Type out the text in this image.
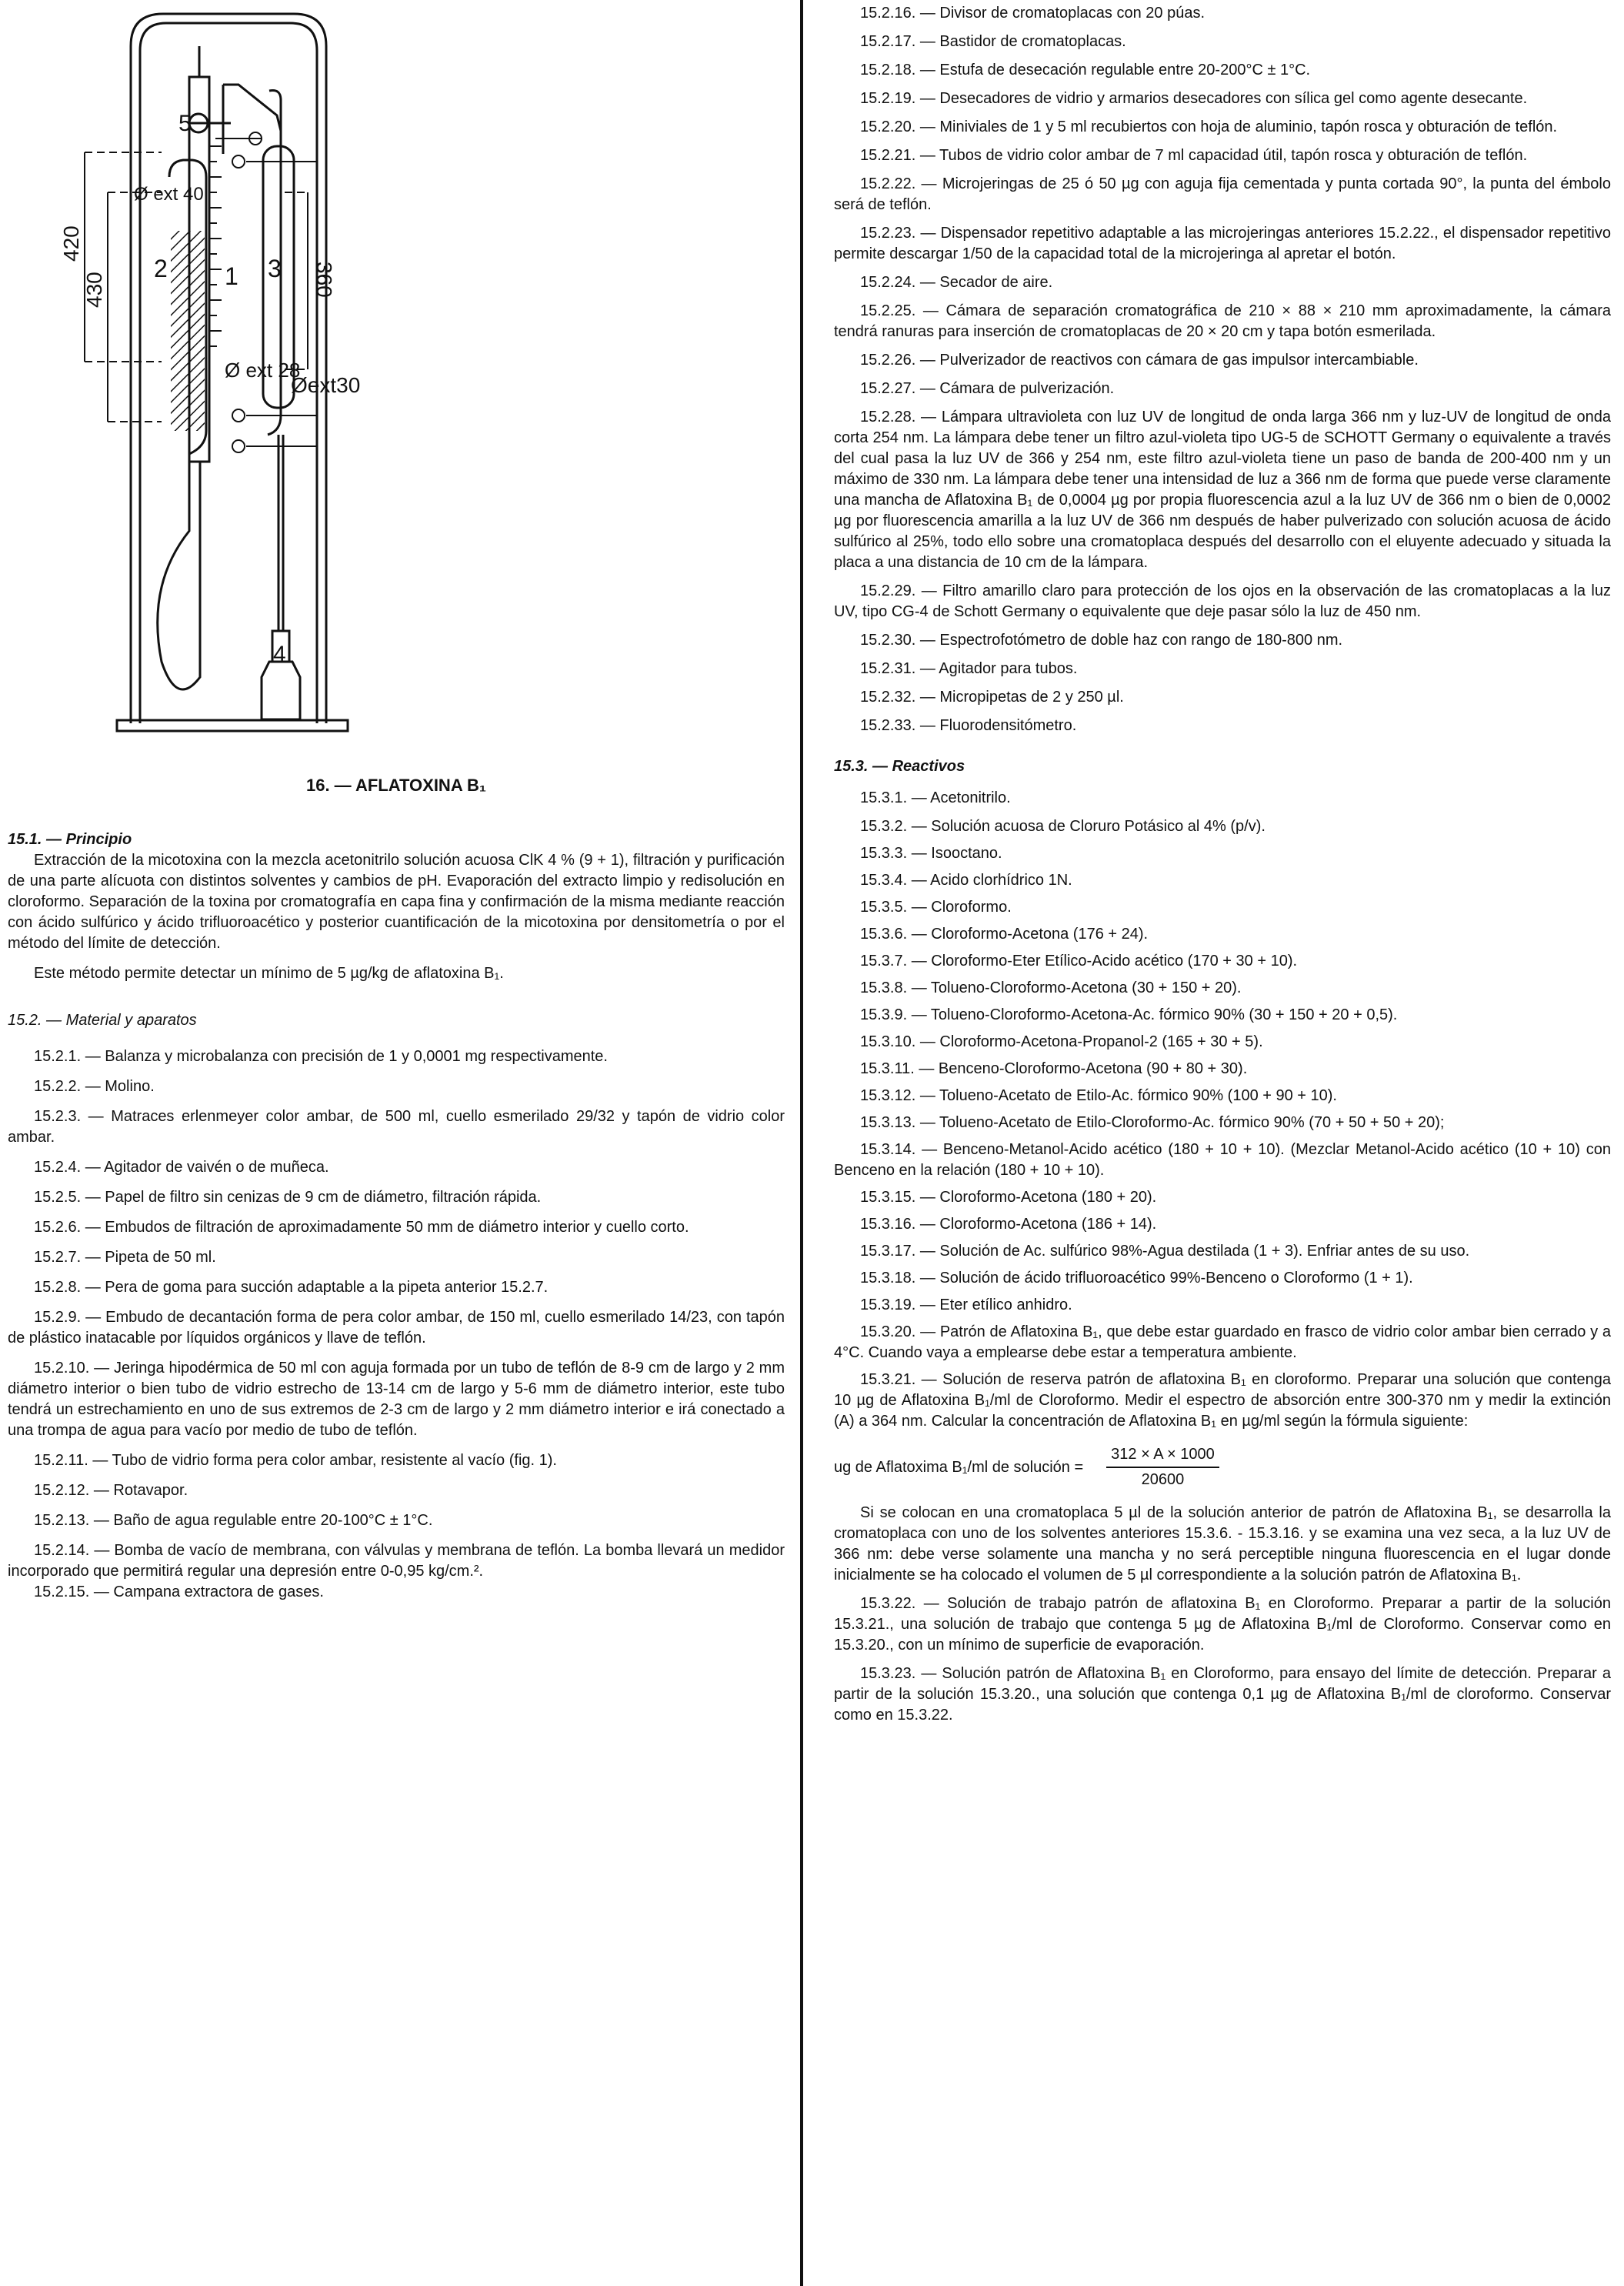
5
2 1 3
4
Ø ext 40
Ø ext 28
Øext30
420
430	360

16. — AFLATOXINA B₁

15.1. — Principio

Extracción de la micotoxina con la mezcla acetonitrilo solución acuosa ClK 4 % (9 + 1), filtración y purificación de una parte alícuota con distintos solventes y cambios de pH. Evaporación del extracto limpio y redisolución en cloroformo. Separación de la toxina por cromatografía en capa fina y confirmación de la misma mediante reacción con ácido sulfúrico y ácido trifluoroacético y posterior cuantificación de la micotoxina por densitometría o por el método del límite de detección.

Este método permite detectar un mínimo de 5 µg/kg de aflatoxina B₁.

15.2. — Material y aparatos

15.2.1. — Balanza y microbalanza con precisión de 1 y 0,0001 mg respectivamente.

15.2.2. — Molino.

15.2.3. — Matraces erlenmeyer color ambar, de 500 ml, cuello esmerilado 29/32 y tapón de vidrio color ambar.

15.2.4. — Agitador de vaivén o de muñeca.

15.2.5. — Papel de filtro sin cenizas de 9 cm de diámetro, filtración rápida.

15.2.6. — Embudos de filtración de aproximadamente 50 mm de diámetro interior y cuello corto.

15.2.7. — Pipeta de 50 ml.

15.2.8. — Pera de goma para succión adaptable a la pipeta anterior 15.2.7.

15.2.9. — Embudo de decantación forma de pera color ambar, de 150 ml, cuello esmerilado 14/23, con tapón de plástico inatacable por líquidos orgánicos y llave de teflón.

15.2.10. — Jeringa hipodérmica de 50 ml con aguja formada por un tubo de teflón de 8-9 cm de largo y 2 mm diámetro interior o bien tubo de vidrio estrecho de 13-14 cm de largo y 5-6 mm de diámetro interior, este tubo tendrá un estrechamiento en uno de sus extremos de 2-3 cm de largo y 2 mm diámetro interior e irá conectado a una trompa de agua para vacío por medio de tubo de teflón.

15.2.11. — Tubo de vidrio forma pera color ambar, resistente al vacío (fig. 1).

15.2.12. — Rotavapor.

15.2.13. — Baño de agua regulable entre 20-100°C ± 1°C.

15.2.14. — Bomba de vacío de membrana, con válvulas y membrana de teflón. La bomba llevará un medidor incorporado que permitirá regular una depresión entre 0-0,95 kg/cm.².

15.2.15. — Campana extractora de gases.

15.2.16. — Divisor de cromatoplacas con 20 púas.

15.2.17. — Bastidor de cromatoplacas.

15.2.18. — Estufa de desecación regulable entre 20-200°C ± 1°C.

15.2.19. — Desecadores de vidrio y armarios desecadores con sílica gel como agente desecante.

15.2.20. — Miniviales de 1 y 5 ml recubiertos con hoja de aluminio, tapón rosca y obturación de teflón.

15.2.21. — Tubos de vidrio color ambar de 7 ml capacidad útil, tapón rosca y obturación de teflón.

15.2.22. — Microjeringas de 25 ó 50 µg con aguja fija cementada y punta cortada 90°, la punta del émbolo será de teflón.

15.2.23. — Dispensador repetitivo adaptable a las microjeringas anteriores 15.2.22., el dispensador repetitivo permite descargar 1/50 de la capacidad total de la microjeringa al apretar el botón.

15.2.24. — Secador de aire.

15.2.25. — Cámara de separación cromatográfica de 210 × 88 × 210 mm aproximadamente, la cámara tendrá ranuras para inserción de cromatoplacas de 20 × 20 cm y tapa botón esmerilada.

15.2.26. — Pulverizador de reactivos con cámara de gas impulsor intercambiable.

15.2.27. — Cámara de pulverización.

15.2.28. — Lámpara ultravioleta con luz UV de longitud de onda larga 366 nm y luz-UV de longitud de onda corta 254 nm. La lámpara debe tener un filtro azul-violeta tipo UG-5 de SCHOTT Germany o equivalente a través del cual pasa la luz UV de 366 y 254 nm, este filtro azul-violeta tiene un paso de banda de 200-400 nm y un máximo de 330 nm. La lámpara debe tener una intensidad de luz a 366 nm de forma que puede verse claramente una mancha de Aflatoxina B₁ de 0,0004 µg por propia fluorescencia azul a la luz UV de 366 nm o bien de 0,0002 µg por fluorescencia amarilla a la luz UV de 366 nm después de haber pulverizado con solución acuosa de ácido sulfúrico al 25%, todo ello sobre una cromatoplaca después del desarrollo con el eluyente adecuado y situada la placa a una distancia de 10 cm de la lámpara.

15.2.29. — Filtro amarillo claro para protección de los ojos en la observación de las cromatoplacas a la luz UV, tipo CG-4 de Schott Germany o equivalente que deje pasar sólo la luz de 450 nm.

15.2.30. — Espectrofotómetro de doble haz con rango de 180-800 nm.

15.2.31. — Agitador para tubos.

15.2.32. — Micropipetas de 2 y 250 µl.

15.2.33. — Fluorodensitómetro.

15.3. — Reactivos

15.3.1. — Acetonitrilo.

15.3.2. — Solución acuosa de Cloruro Potásico al 4% (p/v).

15.3.3. — Isooctano.

15.3.4. — Acido clorhídrico 1N.

15.3.5. — Cloroformo.

15.3.6. — Cloroformo-Acetona (176 + 24).

15.3.7. — Cloroformo-Eter Etílico-Acido acético (170 + 30 + 10).

15.3.8. — Tolueno-Cloroformo-Acetona (30 + 150 + 20).

15.3.9. — Tolueno-Cloroformo-Acetona-Ac. fórmico 90% (30 + 150 + 20 + 0,5).

15.3.10. — Cloroformo-Acetona-Propanol-2 (165 + 30 + 5).

15.3.11. — Benceno-Cloroformo-Acetona (90 + 80 + 30).

15.3.12. — Tolueno-Acetato de Etilo-Ac. fórmico 90% (100 + 90 + 10).

15.3.13. — Tolueno-Acetato de Etilo-Cloroformo-Ac. fórmico 90% (70 + 50 + 50 + 20);

15.3.14. — Benceno-Metanol-Acido acético (180 + 10 + 10). (Mezclar Metanol-Acido acético (10 + 10) con Benceno en la relación (180 + 10 + 10).

15.3.15. — Cloroformo-Acetona (180 + 20).

15.3.16. — Cloroformo-Acetona (186 + 14).

15.3.17. — Solución de Ac. sulfúrico 98%-Agua destilada (1 + 3). Enfriar antes de su uso.

15.3.18. — Solución de ácido trifluoroacético 99%-Benceno o Cloroformo (1 + 1).

15.3.19. — Eter etílico anhidro.

15.3.20. — Patrón de Aflatoxina B₁, que debe estar guardado en frasco de vidrio color ambar bien cerrado y a 4°C. Cuando vaya a emplearse debe estar a temperatura ambiente.

15.3.21. — Solución de reserva patrón de aflatoxina B₁ en cloroformo. Preparar una solución que contenga 10 µg de Aflatoxina B₁/ml de Cloroformo. Medir el espectro de absorción entre 300-370 nm y medir la extinción (A) a 364 nm. Calcular la concentración de Aflatoxina B₁ en µg/ml según la fórmula siguiente:

ug de Aflatoxima B₁/ml de solución = $\frac{312 \times A \times 1000}{20600}$

Si se colocan en una cromatoplaca 5 µl de la solución anterior de patrón de Aflatoxina B₁, se desarrolla la cromatoplaca con uno de los solventes anteriores 15.3.6. - 15.3.16. y se examina una vez seca, a la luz UV de 366 nm: debe verse solamente una mancha y no será perceptible ninguna fluorescencia en el lugar donde inicialmente se ha colocado el volumen de 5 µl correspondiente a la solución patrón de Aflatoxina B₁.

15.3.22. — Solución de trabajo patrón de aflatoxina B₁ en Cloroformo. Preparar a partir de la solución 15.3.21., una solución de trabajo que contenga 5 µg de Aflatoxina B₁/ml de Cloroformo. Conservar como en 15.3.20., con un mínimo de superficie de evaporación.

15.3.23. — Solución patrón de Aflatoxina B₁ en Cloroformo, para ensayo del límite de detección. Preparar a partir de la solución 15.3.20., una solución que contenga 0,1 µg de Aflatoxina B₁/ml de cloroformo. Conservar como en 15.3.22.
